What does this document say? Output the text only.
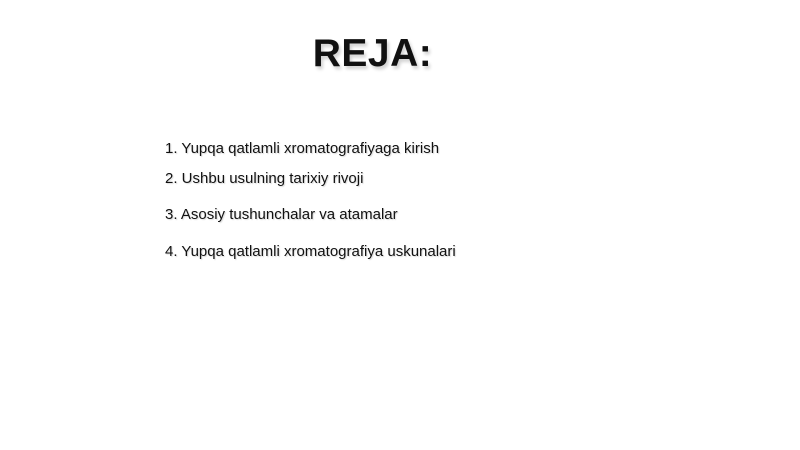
REJA:
1. Yupqa qatlamli xromatografiyaga kirish
2. Ushbu usulning tarixiy rivoji
3. Asosiy tushunchalar va atamalar
4. Yupqa qatlamli xromatografiya uskunalari
